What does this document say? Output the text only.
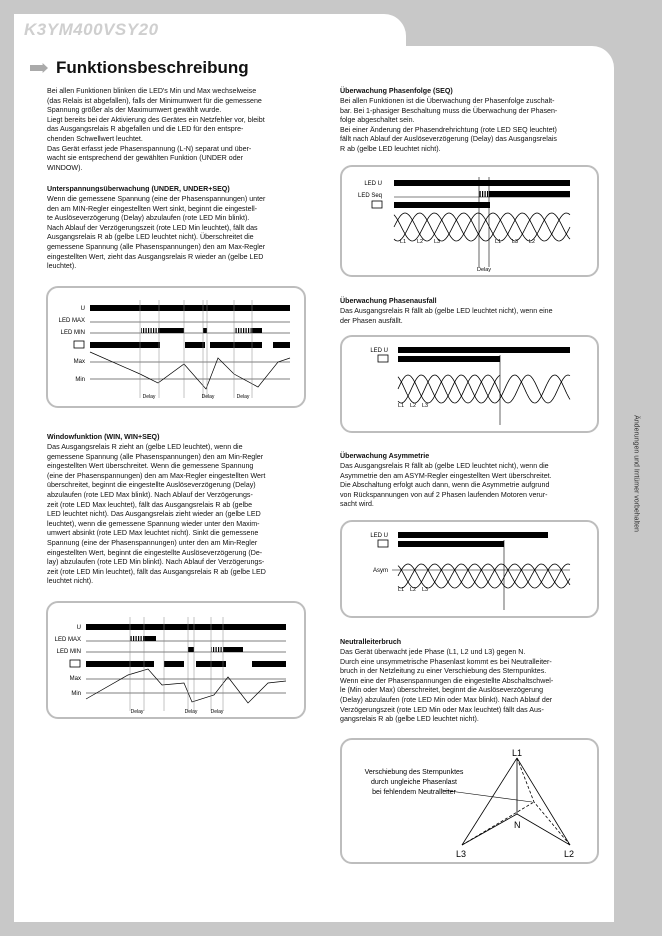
K3YM400VSY20
Änderungen und Irrtümer vorbehalten
Funktionsbeschreibung
Bei allen Funktionen blinken die LED's Min und Max wechselweise
(das Relais ist abgefallen), falls der Minimumwert für die gemessene
Spannung größer als der Maximumwert gewählt wurde.
Liegt bereits bei der Aktivierung des Gerätes ein Netzfehler vor, bleibt
das Ausgangsrelais R abgefallen und die LED für den entspre-
chenden Schwellwert leuchtet.
Das Gerät erfasst jede Phasenspannung (L-N) separat und über-
wacht sie entsprechend der gewählten Funktion (UNDER oder
WINDOW).
Unterspannungsüberwachung (UNDER, UNDER+SEQ)
Wenn die gemessene Spannung (eine der Phasenspannungen) unter
den am MIN-Regler eingestellten Wert sinkt, beginnt die eingestell-
te Auslöseverzögerung (Delay) abzulaufen (rote LED Min blinkt).
Nach Ablauf der Verzögerungszeit (rote LED Min leuchtet), fällt das
Ausgangsrelais R ab (gelbe LED leuchtet nicht). Überschreitet die
gemessene Spannung (alle Phasenspannungen) den am Max-Regler
eingestellten Wert, zieht das Ausgangsrelais R wieder an (gelbe LED
leuchtet).
Windowfunktion (WIN, WIN+SEQ)
Das Ausgangsrelais R zieht an (gelbe LED leuchtet), wenn die
gemessene Spannung (alle Phasenspannungen) den am Min-Regler
eingestellten Wert überschreitet. Wenn die gemessene Spannung
(eine der Phasenspannungen) den am Max-Regler eingestellten Wert
überschreitet, beginnt die eingestellte Auslöseverzögerung (Delay)
abzulaufen (rote LED Max blinkt). Nach Ablauf der Verzögerungs-
zeit (rote LED Max leuchtet), fällt das Ausgangsrelais R ab (gelbe
LED leuchtet nicht). Das Ausgangsrelais zieht wieder an (gelbe LED
leuchtet), wenn die gemessene Spannung wieder unter den Maxim-
umwert absinkt (rote LED Max leuchtet nicht). Sinkt die gemessene
Spannung (eine der Phasenspannungen) unter den am Min-Regler
eingestellten Wert, beginnt die eingestellte Auslöseverzögerung (De-
lay) abzulaufen (rote LED Min blinkt). Nach Ablauf der Verzögerungs-
zeit (rote LED Min leuchtet), fällt das Ausgangsrelais R ab (gelbe LED
leuchtet nicht).
Überwachung Phasenfolge (SEQ)
Bei allen Funktionen ist die Überwachung der Phasenfolge zuschalt-
bar. Bei 1-phasiger Beschaltung muss die Überwachung der Phasen-
folge abgeschaltet sein.
Bei einer Änderung der Phasendrehrichtung (rote LED SEQ leuchtet)
fällt nach Ablauf der Auslöseverzögerung (Delay) das Ausgangsrelais
R ab (gelbe LED leuchtet nicht).
Überwachung Phasenausfall
Das Ausgangsrelais R fällt ab (gelbe LED leuchtet nicht), wenn eine
der Phasen ausfällt.
Überwachung Asymmetrie
Das Ausgangsrelais R fällt ab (gelbe LED leuchtet nicht), wenn die
Asymmetrie den am ASYM-Regler eingestellten Wert überschreitet.
Die Abschaltung erfolgt auch dann, wenn die Asymmetrie aufgrund
von Rückspannungen von auf 2 Phasen laufenden Motoren verur-
sacht wird.
Neutralleiterbruch
Das Gerät überwacht jede Phase (L1, L2 und L3) gegen N.
Durch eine unsymmetrische Phasenlast kommt es bei Neutralleiter-
bruch in der Netzleitung zu einer Verschiebung des Sternpunktes.
Wenn eine der Phasenspannungen die eingestellte Abschaltschwel-
le (Min oder Max) überschreitet, beginnt die Auslöseverzögerung
(Delay) abzulaufen (rote LED Min oder Max blinkt). Nach Ablauf der
Verzögerungszeit (rote LED Min oder Max leuchtet) fällt das Aus-
gangsrelais R ab (gelbe LED leuchtet nicht).
U
LED MAX
LED MIN
Max
Min
Delay	Delay	Delay
U
LED MAX
LED MIN
Max
Min
Delay	Delay	Delay
LED U
LED Seq
L1 L2 L3	L1 L3 L2
Delay
LED U
L1 L2 L3
LED U
Asym
L1 L2 L3
Verschiebung des Sternpunktes
durch ungleiche Phasenlast
bei fehlendem Neutralleiter
L1
L2
L3
N
